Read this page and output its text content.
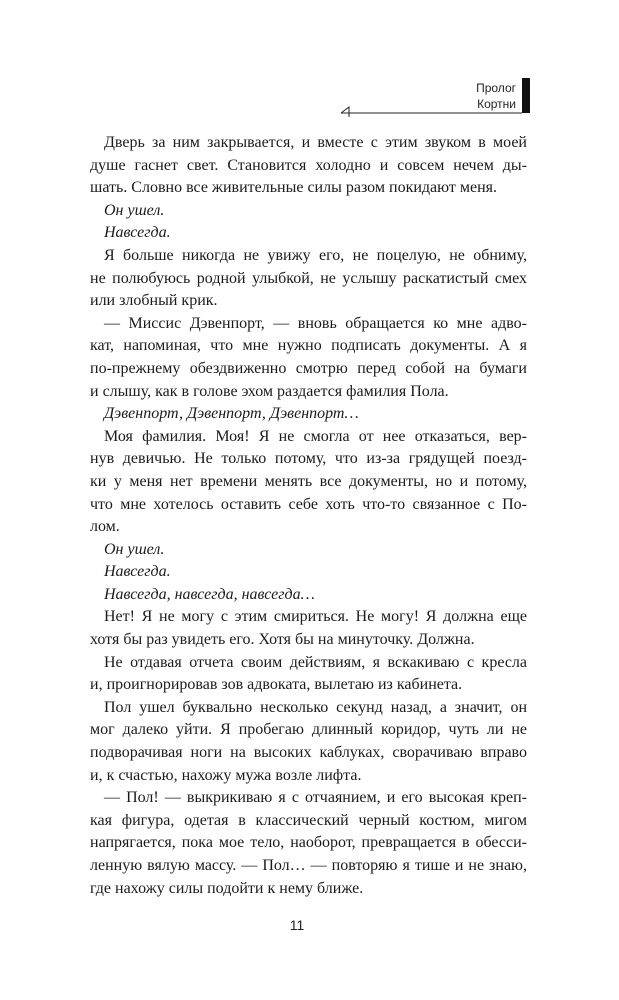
Пролог
Кортни
Дверь за ним закрывается, и вместе с этим звуком в моей
душе гаснет свет. Становится холодно и совсем нечем ды-
шать. Словно все живительные силы разом покидают меня.
Он ушел.
Навсегда.
Я больше никогда не увижу его, не поцелую, не обниму,
не полюбуюсь родной улыбкой, не услышу раскатистый смех
или злобный крик.
— Миссис Дэвенпорт, — вновь обращается ко мне адво-
кат, напоминая, что мне нужно подписать документы. А я
по-прежнему обездвиженно смотрю перед собой на бумаги
и слышу, как в голове эхом раздается фамилия Пола.
Дэвенпорт, Дэвенпорт, Дэвенпорт…
Моя фамилия. Моя! Я не смогла от нее отказаться, вер-
нув девичью. Не только потому, что из-за грядущей поезд-
ки у меня нет времени менять все документы, но и потому,
что мне хотелось оставить себе хоть что-то связанное с По-
лом.
Он ушел.
Навсегда.
Навсегда, навсегда, навсегда…
Нет! Я не могу с этим смириться. Не могу! Я должна еще
хотя бы раз увидеть его. Хотя бы на минуточку. Должна.
Не отдавая отчета своим действиям, я вскакиваю с кресла
и, проигнорировав зов адвоката, вылетаю из кабинета.
Пол ушел буквально несколько секунд назад, а значит, он
мог далеко уйти. Я пробегаю длинный коридор, чуть ли не
подворачивая ноги на высоких каблуках, сворачиваю вправо
и, к счастью, нахожу мужа возле лифта.
— Пол! — выкрикиваю я с отчаянием, и его высокая креп-
кая фигура, одетая в классический черный костюм, мигом
напрягается, пока мое тело, наоборот, превращается в обесси-
ленную вялую массу. — Пол… — повторяю я тише и не знаю,
где нахожу силы подойти к нему ближе.
11
